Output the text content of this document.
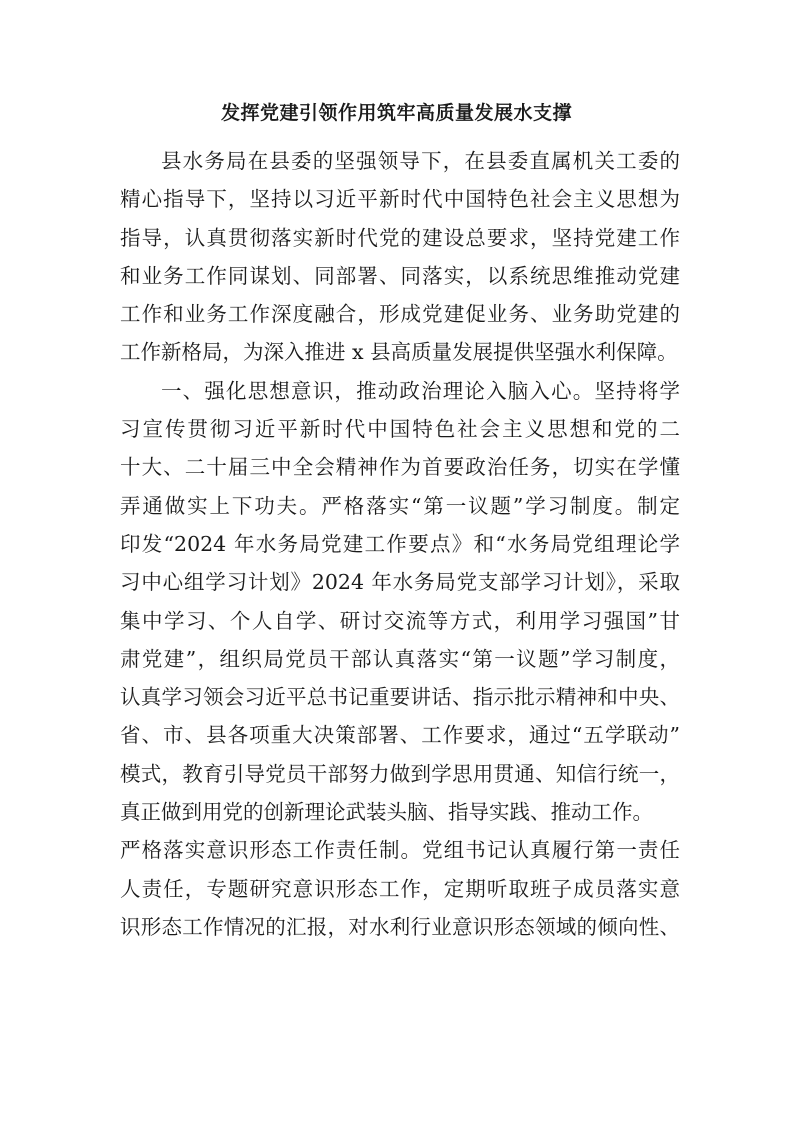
发挥党建引领作用筑牢高质量发展水支撑
县水务局在县委的坚强领导下，在县委直属机关工委的
精心指导下，坚持以习近平新时代中国特色社会主义思想为
指导，认真贯彻落实新时代党的建设总要求，坚持党建工作
和业务工作同谋划、同部署、同落实，以系统思维推动党建
工作和业务工作深度融合，形成党建促业务、业务助党建的
工作新格局，为深入推进 x 县高质量发展提供坚强水利保障。
一、强化思想意识，推动政治理论入脑入心。坚持将学
习宣传贯彻习近平新时代中国特色社会主义思想和党的二
十大、二十届三中全会精神作为首要政治任务，切实在学懂
弄通做实上下功夫。严格落实“第一议题”学习制度。制定
印发“2024 年水务局党建工作要点》和“水务局党组理论学
习中心组学习计划》2024 年水务局党支部学习计划》，采取
集中学习、个人自学、研讨交流等方式，利用学习强国”甘
肃党建”，组织局党员干部认真落实“第一议题”学习制度，
认真学习领会习近平总书记重要讲话、指示批示精神和中央、
省、市、县各项重大决策部署、工作要求，通过“五学联动”
模式，教育引导党员干部努力做到学思用贯通、知信行统一，
真正做到用党的创新理论武装头脑、指导实践、推动工作。
严格落实意识形态工作责任制。党组书记认真履行第一责任
人责任，专题研究意识形态工作，定期听取班子成员落实意
识形态工作情况的汇报，对水利行业意识形态领域的倾向性、
